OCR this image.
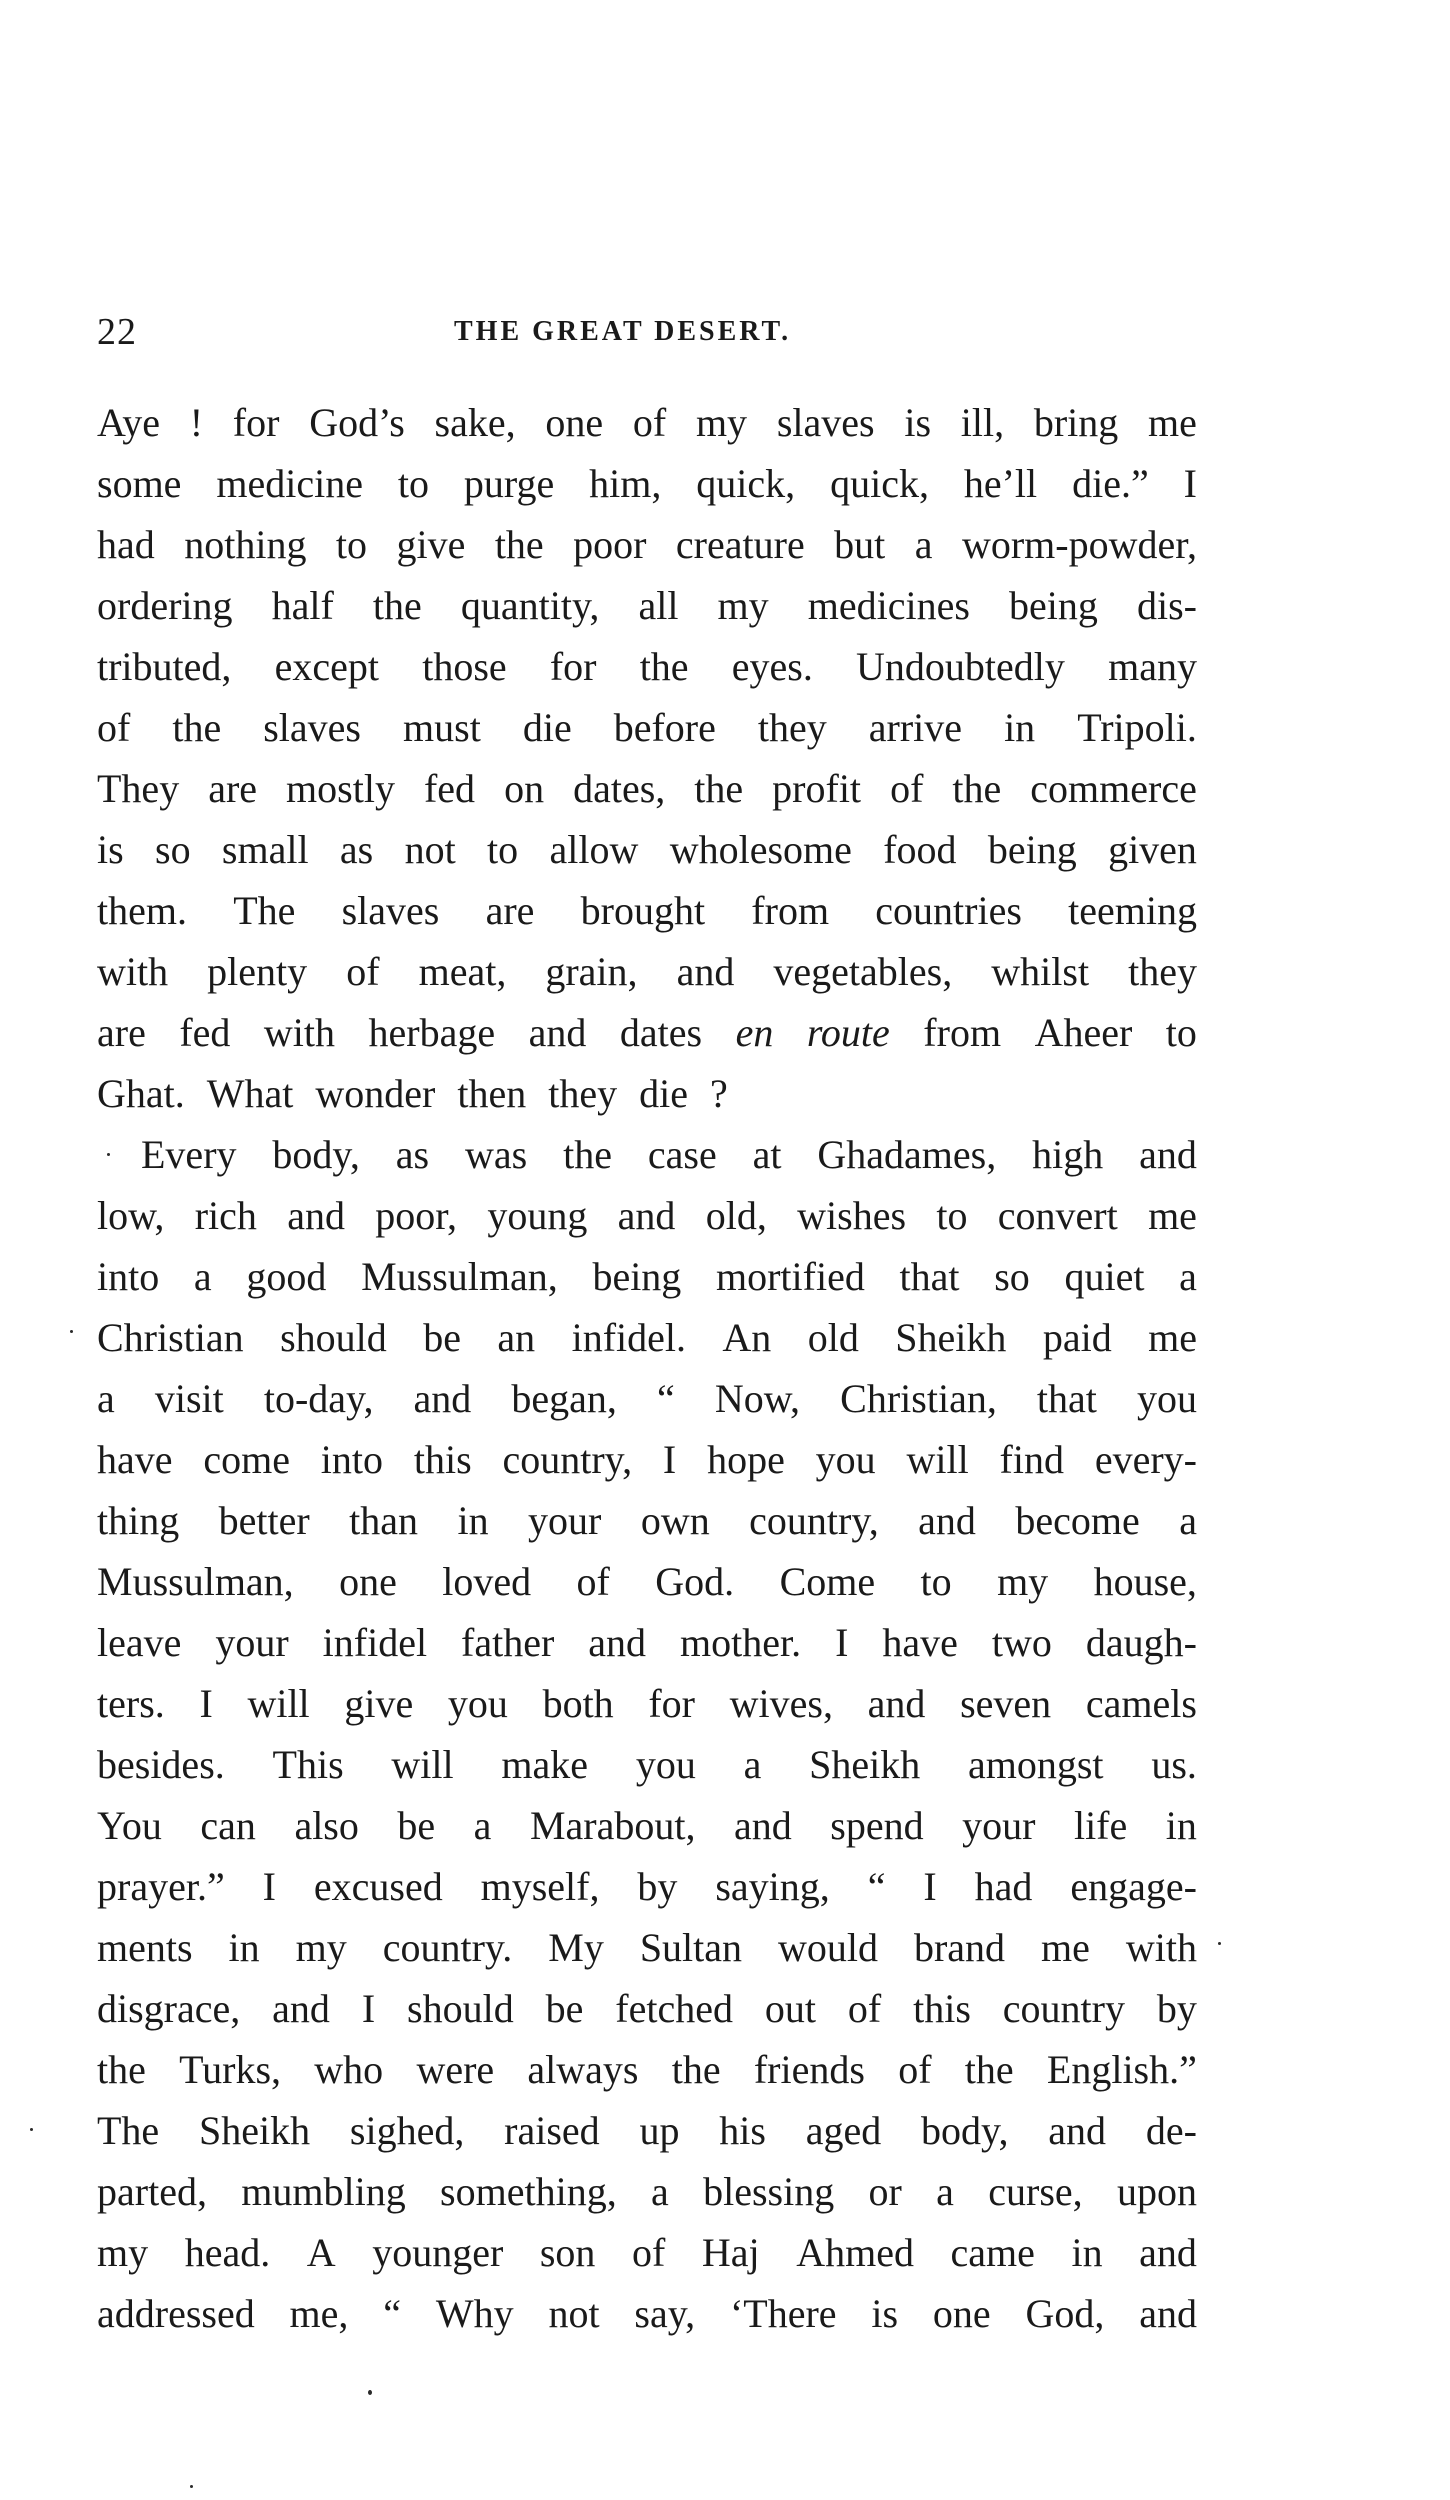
22	THE GREAT DESERT.
Aye ! for God’s sake, one of my slaves is ill, bring me
some medicine to purge him, quick, quick, he’ll die.” I
had nothing to give the poor creature but a worm-powder,
ordering half the quantity, all my medicines being dis-
tributed, except those for the eyes. Undoubtedly many
of the slaves must die before they arrive in Tripoli.
They are mostly fed on dates, the profit of the commerce
is so small as not to allow wholesome food being given
them. The slaves are brought from countries teeming
with plenty of meat, grain, and vegetables, whilst they
are fed with herbage and dates en route from Aheer to
Ghat. What wonder then they die ?
Every body, as was the case at Ghadames, high and
low, rich and poor, young and old, wishes to convert me
into a good Mussulman, being mortified that so quiet a
Christian should be an infidel. An old Sheikh paid me
a visit to-day, and began, “ Now, Christian, that you
have come into this country, I hope you will find every-
thing better than in your own country, and become a
Mussulman, one loved of God. Come to my house,
leave your infidel father and mother. I have two daugh-
ters. I will give you both for wives, and seven camels
besides. This will make you a Sheikh amongst us.
You can also be a Marabout, and spend your life in
prayer.” I excused myself, by saying, “ I had engage-
ments in my country. My Sultan would brand me with
disgrace, and I should be fetched out of this country by
the Turks, who were always the friends of the English.”
The Sheikh sighed, raised up his aged body, and de-
parted, mumbling something, a blessing or a curse, upon
my head. A younger son of Haj Ahmed came in and
addressed me, “ Why not say, ‘There is one God, and
